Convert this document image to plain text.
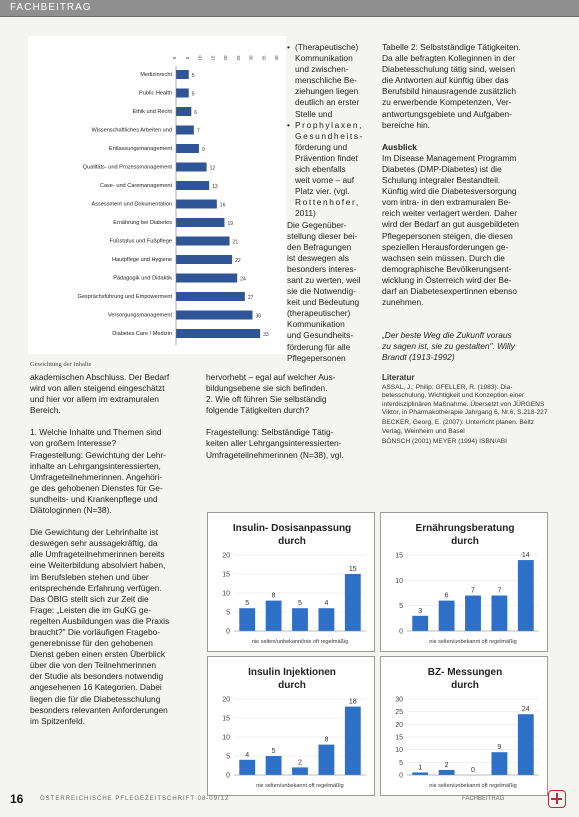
FACHBEITRAG
0 5 10 15 20 25 30 35 40
Medizinrecht	5
Public Health	5
Ethik und Recht	6
Wissenschaftliches Arbeiten und	7
Entlassungsmanagement	9
Qualitäts- und Prozessmanagement	12
Case- und Caremanagement	13
Assessment und Dokumentation	16
Ernährung bei Diabetes	19
Fußstatus und Fußpflege	21
Hautpflege und Hygiene	22
Pädagogik und Didaktik	24
Gesprächsführung und Empowerment	27
Versorgungsmanagement	30
Diabetes Care / Medizin	33
Gewichtung der Inhalte
• (Therapeutische)
Kommunikation
und zwischen-
menschliche Be-
ziehungen liegen
deutlich an erster
Stelle und
• Prophylaxen,
Gesundheits-
förderung und
Prävention findet
sich ebenfalls
weit vorne – auf
Platz vier. (vgl.
Rottenhofer,
2011)
Die Gegenüber-
stellung dieser bei-
den Befragungen
ist deswegen als
besonders interes-
sant zu werten, weil
sie die Notwendig-
keit und Bedeutung
(therapeutischer)
Kommunikation
und Gesundheits-
förderung für alle
Pflegepersonen
Tabelle 2: Selbstständige Tätigkeiten.
Da alle befragten Kolleginnen in der
Diabetesschulung tätig sind, weisen
die Antworten auf künftig über das
Berufsbild hinausragende zusätzlich
zu erwerbende Kompetenzen, Ver-
antwortungsgebiete und Aufgaben-
bereiche hin.
Ausblick
Im Disease Management Programm
Diabetes (DMP-Diabetes) ist die
Schulung integraler Bestandteil.
Künftig wird die Diabetesversorgung
vom intra- in den extramuralen Be-
reich weiter verlagert werden. Daher
wird der Bedarf an gut ausgebildeten
Pflegepersonen steigen, die diesen
speziellen Herausforderungen ge-
wachsen sein müssen. Durch die
demographische Bevölkerungsent-
wicklung in Österreich wird der Be-
darf an Diabetesexpertinnen ebenso
zunehmen.
„Der beste Weg die Zukunft voraus
zu sagen ist, sie zu gestalten". Willy
Brandt (1913-1992)
Literatur

ASSAL, J.; Philip; GFELLER, R. (1983): Dia-betesschulung. Wichtigkeit und Konzeption einer interdisziplinären Maßnahme. Übersetzt von JÜRGENS Viktor, in Pharmakotherapie Jahrgang 6, Nr.6, S.218-227

BECKER, Georg, E. (2007): Unterricht planen. Beltz Verlag, Weinheim und Basel

BÖNSCH (2001) MEYER (1994) ISBN/ABI

akademischen Abschluss. Der Bedarf
wird von allen steigend eingeschätzt
und hier vor allem im extramuralen
Bereich.
1. Welche Inhalte und Themen sind
von großem Interesse?
Fragestellung: Gewichtung der Lehr-
inhalte an Lehrgangsinteressierten,
Umfrageteilnehmerinnen. Angehöri-
ge des gehobenen Dienstes für Ge-
sundheits- und Krankenpflege und
Diätologinnen (N=38).
Die Gewichtung der Lehrinhalte ist
deswegen sehr aussagekräftig, da
alle Umfrageteilnehmerinnen bereits
eine Weiterbildung absolviert haben,
im Berufsleben stehen und über
entsprechende Erfahrung verfügen.
Das ÖBIG stellt sich zur Zeit die
Frage: „Leisten die im GuKG ge-
regelten Ausbildungen was die Praxis
braucht?" Die vorläufigen Fragebo-
generebnisse für den gehobenen
Dienst geben einen ersten Überblick
über die von den Teilnehmerinnen
der Studie als besonders notwendig
angesehenen 16 Kategorien. Dabei
liegen die für die Diabetesschulung
besonders relevanten Anforderungen
im Spitzenfeld.
hervorhebt – egal auf welcher Aus-
bildungsebene sie sich befinden.
2. Wie oft führen Sie selbständig
folgende Tätigkeiten durch?
Fragestellung: Selbständige Tätig-
keiten aller Lehrgangsinteressierten-
Umfrageteilnehmerinnen (N=38), vgl.
Insulin- Dosisanpassung
durch
20
15
10
5
0
5
8
5	4
15
nie selten/unbekannt/nie oft regelmäßig
Ernährungsberatung
durch
15
10
5
0
3
6
7	7
14
nie selten/unbekannt oft regelmäßig
Insulin Injektionen
durch
20
15
10
5
0
4
5
2
8
18
nie selten/unbekannt oft regelmäßig
BZ- Messungen
durch
30
25
20
15
10
5
0
1	2
0
9
24
nie selten/unbekannt oft regelmäßig
16	ÖSTERREICHISCHE PFLEGEZEITSCHRIFT 08-09/12	FACHBEITRAG
